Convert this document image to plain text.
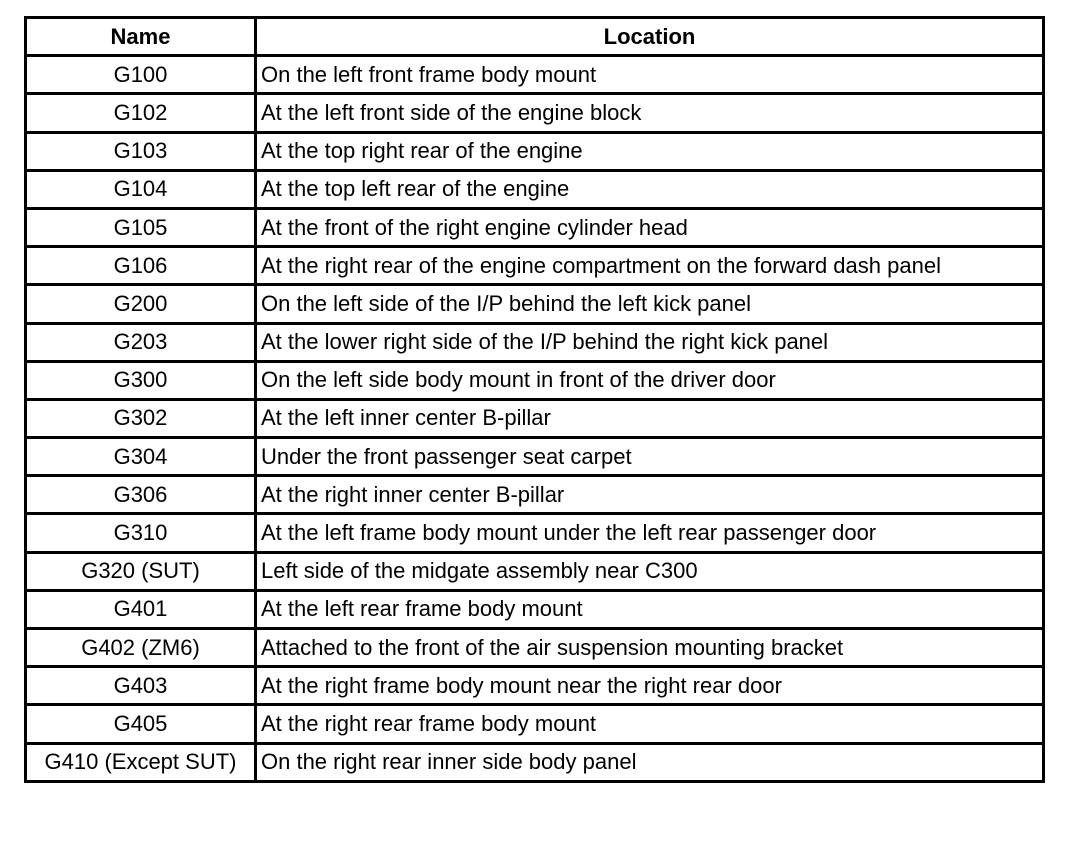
Name	Location
G100	On the left front frame body mount
G102	At the left front side of the engine block
G103	At the top right rear of the engine
G104	At the top left rear of the engine
G105	At the front of the right engine cylinder head
G106	At the right rear of the engine compartment on the forward dash panel
G200	On the left side of the I/P behind the left kick panel
G203	At the lower right side of the I/P behind the right kick panel
G300	On the left side body mount in front of the driver door
G302	At the left inner center B-pillar
G304	Under the front passenger seat carpet
G306	At the right inner center B-pillar
G310	At the left frame body mount under the left rear passenger door
G320 (SUT)	Left side of the midgate assembly near C300
G401	At the left rear frame body mount
G402 (ZM6)	Attached to the front of the air suspension mounting bracket
G403	At the right frame body mount near the right rear door
G405	At the right rear frame body mount
G410 (Except SUT)	On the right rear inner side body panel
